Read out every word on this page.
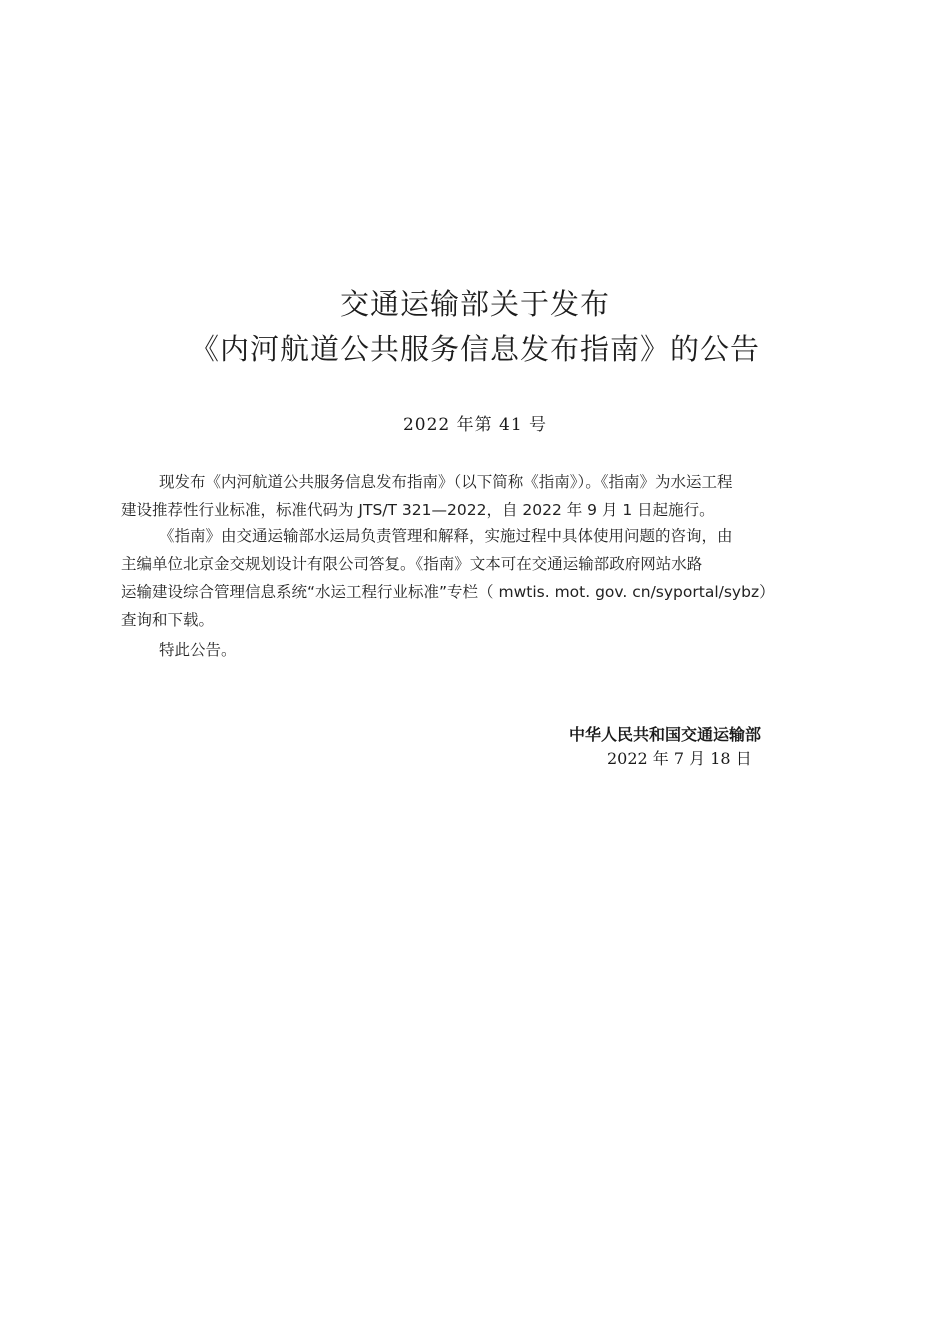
交通运输部关于发布
《内河航道公共服务信息发布指南》的公告
2022 年第 41 号
现发布《内河航道公共服务信息发布指南》（以下简称《指南》）。《指南》为水运工程
建设推荐性行业标准，标准代码为 JTS/T 321—2022，自 2022 年 9 月 1 日起施行。
《指南》由交通运输部水运局负责管理和解释，实施过程中具体使用问题的咨询，由
主编单位北京金交规划设计有限公司答复。《指南》文本可在交通运输部政府网站水路
运输建设综合管理信息系统“水运工程行业标准”专栏（ mwtis. mot. gov. cn/syportal/sybz）
查询和下载。
特此公告。
中华人民共和国交通运输部
2022 年 7 月 18 日
